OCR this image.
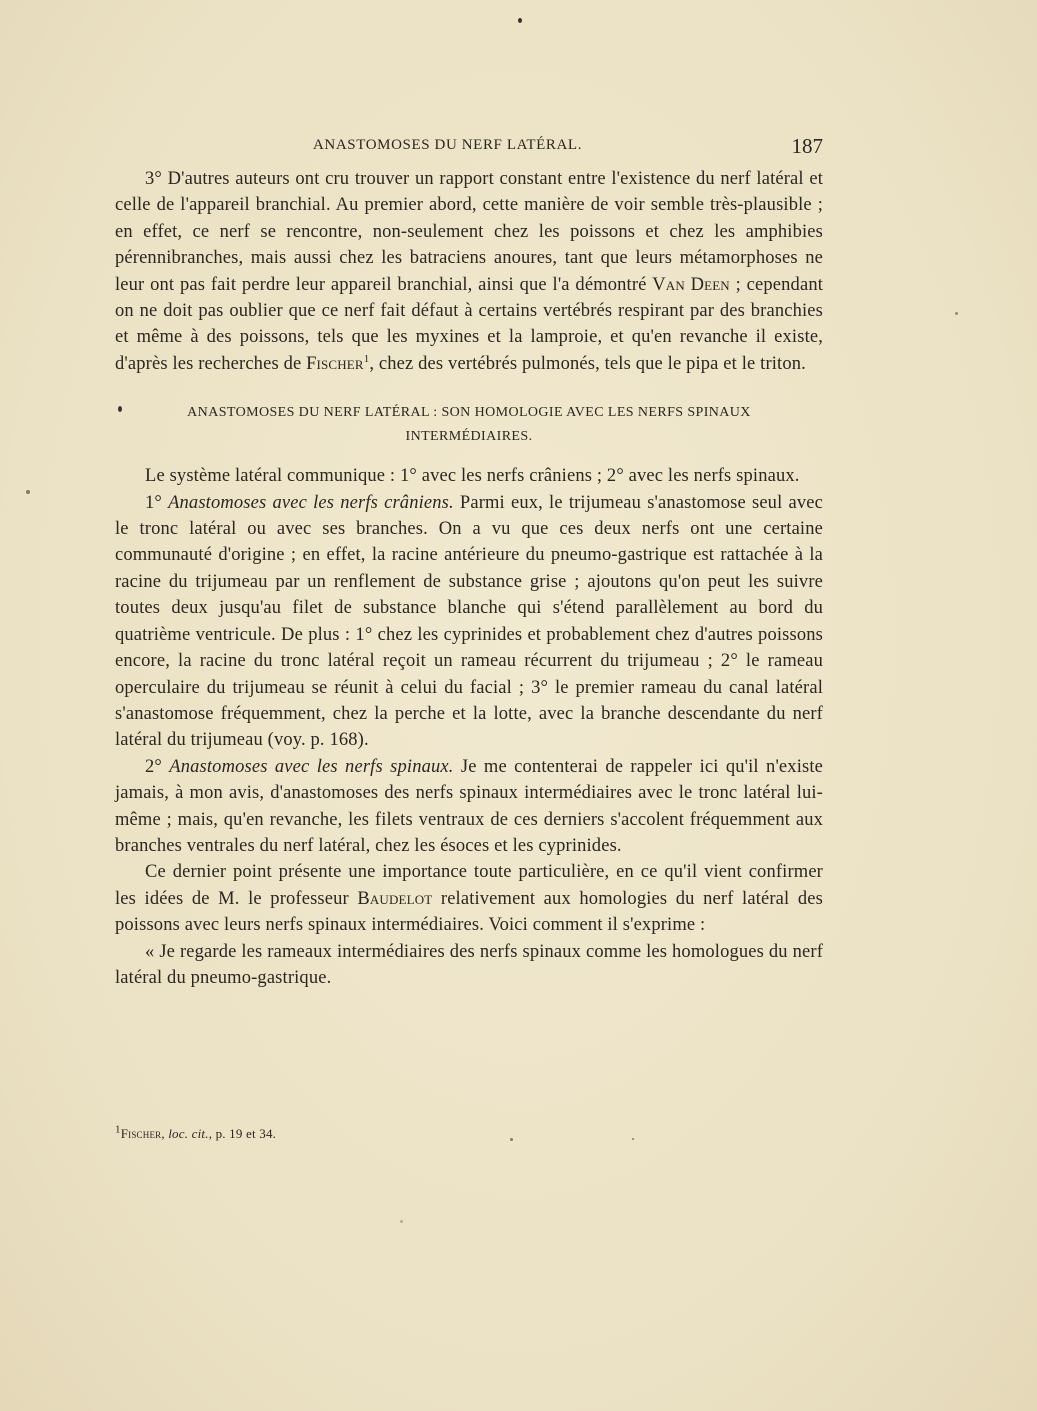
ANASTOMOSES DU NERF LATÉRAL.	187

3° D'autres auteurs ont cru trouver un rapport constant entre l'existence du nerf latéral et celle de l'appareil branchial. Au premier abord, cette manière de voir semble très-plausible ; en effet, ce nerf se rencontre, non-seulement chez les poissons et chez les amphibies pérennibranches, mais aussi chez les batraciens anoures, tant que leurs métamorphoses ne leur ont pas fait perdre leur appareil branchial, ainsi que l'a démontré Van Deen ; cependant on ne doit pas oublier que ce nerf fait défaut à certains vertébrés respirant par des branchies et même à des poissons, tels que les myxines et la lamproie, et qu'en revanche il existe, d'après les recherches de Fischer$^1$, chez des vertébrés pulmonés, tels que le pipa et le triton.

ANASTOMOSES DU NERF LATÉRAL : SON HOMOLOGIE AVEC LES NERFS SPINAUX
INTERMÉDIAIRES.

Le système latéral communique : 1° avec les nerfs crâniens ; 2° avec les nerfs spinaux.

1° Anastomoses avec les nerfs crâniens. Parmi eux, le trijumeau s'anastomose seul avec le tronc latéral ou avec ses branches. On a vu que ces deux nerfs ont une certaine communauté d'origine ; en effet, la racine antérieure du pneumo-gastrique est rattachée à la racine du trijumeau par un renflement de substance grise ; ajoutons qu'on peut les suivre toutes deux jusqu'au filet de substance blanche qui s'étend parallèlement au bord du quatrième ventricule. De plus : 1° chez les cyprinides et probablement chez d'autres poissons encore, la racine du tronc latéral reçoit un rameau récurrent du trijumeau ; 2° le rameau operculaire du trijumeau se réunit à celui du facial ; 3° le premier rameau du canal latéral s'anastomose fréquemment, chez la perche et la lotte, avec la branche descendante du nerf latéral du trijumeau (voy. p. 168).

2° Anastomoses avec les nerfs spinaux. Je me contenterai de rappeler ici qu'il n'existe jamais, à mon avis, d'anastomoses des nerfs spinaux intermédiaires avec le tronc latéral lui-même ; mais, qu'en revanche, les filets ventraux de ces derniers s'accolent fréquemment aux branches ventrales du nerf latéral, chez les ésoces et les cyprinides.

Ce dernier point présente une importance toute particulière, en ce qu'il vient confirmer les idées de M. le professeur Baudelot relativement aux homologies du nerf latéral des poissons avec leurs nerfs spinaux intermédiaires. Voici comment il s'exprime :

« Je regarde les rameaux intermédiaires des nerfs spinaux comme les homologues du nerf latéral du pneumo-gastrique.

$^1$Fischer, loc. cit., p. 19 et 34.
